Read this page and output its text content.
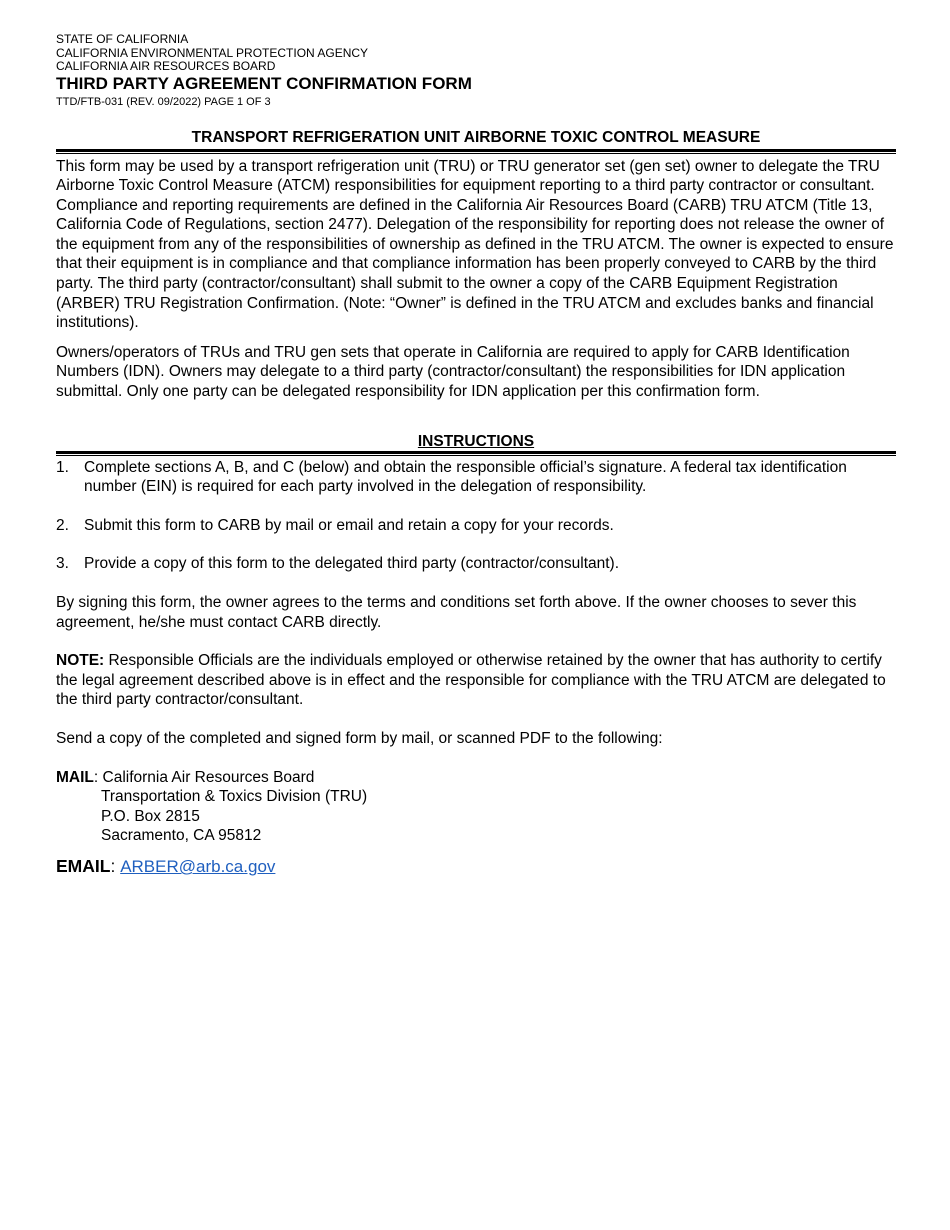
STATE OF CALIFORNIA
CALIFORNIA ENVIRONMENTAL PROTECTION AGENCY
CALIFORNIA AIR RESOURCES BOARD
THIRD PARTY AGREEMENT CONFIRMATION FORM
TTD/FTB-031 (REV. 09/2022) PAGE 1 OF 3
TRANSPORT REFRIGERATION UNIT AIRBORNE TOXIC CONTROL MEASURE

This form may be used by a transport refrigeration unit (TRU) or TRU generator set (gen set) owner to delegate the TRU Airborne Toxic Control Measure (ATCM) responsibilities for equipment reporting to a third party contractor or consultant. Compliance and reporting requirements are defined in the California Air Resources Board (CARB) TRU ATCM (Title 13, California Code of Regulations, section 2477). Delegation of the responsibility for reporting does not release the owner of the equipment from any of the responsibilities of ownership as defined in the TRU ATCM. The owner is expected to ensure that their equipment is in compliance and that compliance information has been properly conveyed to CARB by the third party. The third party (contractor/consultant) shall submit to the owner a copy of the CARB Equipment Registration (ARBER) TRU Registration Confirmation. (Note: “Owner” is defined in the TRU ATCM and excludes banks and financial institutions).

Owners/operators of TRUs and TRU gen sets that operate in California are required to apply for CARB Identification Numbers (IDN). Owners may delegate to a third party (contractor/consultant) the responsibilities for IDN application submittal. Only one party can be delegated responsibility for IDN application per this confirmation form.

INSTRUCTIONS
1. Complete sections A, B, and C (below) and obtain the responsible official’s signature. A federal tax identification number (EIN) is required for each party involved in the delegation of responsibility.
2. Submit this form to CARB by mail or email and retain a copy for your records.
3. Provide a copy of this form to the delegated third party (contractor/consultant).

By signing this form, the owner agrees to the terms and conditions set forth above. If the owner chooses to sever this agreement, he/she must contact CARB directly.

NOTE: Responsible Officials are the individuals employed or otherwise retained by the owner that has authority to certify the legal agreement described above is in effect and the responsible for compliance with the TRU ATCM are delegated to the third party contractor/consultant.

Send a copy of the completed and signed form by mail, or scanned PDF to the following:

MAIL: California Air Resources Board
Transportation & Toxics Division (TRU)
P.O. Box 2815
Sacramento, CA 95812
EMAIL: ARBER@arb.ca.gov
